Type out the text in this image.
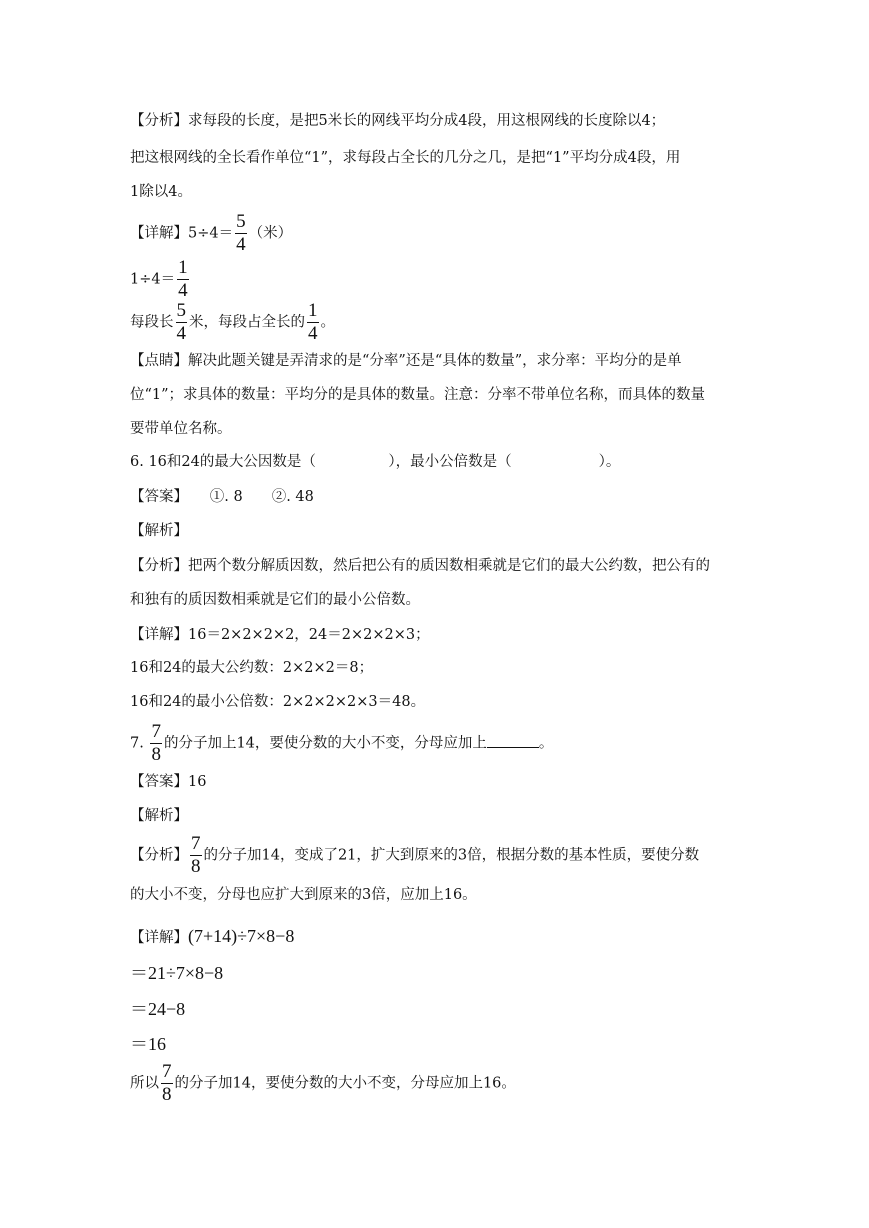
【分析】求每段的长度，是把5米长的网线平均分成4段，用这根网线的长度除以4；
把这根网线的全长看作单位“1”，求每段占全长的几分之几，是把“1”平均分成4段，用
1除以4。
【详解】$5\div 4= \frac{5}{4}$ （米）
$1\div 4= \frac{1}{4}$
每段长 $\frac{5}{4}$ 米，每段占全长的 $\frac{1}{4}$ 。
【点睛】解决此题关键是弄清求的是“分率”还是“具体的数量”，求分率：平均分的是单
位“1”；求具体的数量：平均分的是具体的数量。注意：分率不带单位名称，而具体的数量
要带单位名称。
6. 16和24的最大公因数是（　　　　　），最小公倍数是（　　　　　　）。
【答案】　　①. 8　　②. 48
【解析】
【分析】把两个数分解质因数，然后把公有的质因数相乘就是它们的最大公约数，把公有的
和独有的质因数相乘就是它们的最小公倍数。
【详解】16＝2×2×2×2，24＝2×2×2×3；
16和24的最大公约数：2×2×2＝8；
16和24的最小公倍数：2×2×2×2×3＝48。
7. $\frac{7}{8}$ 的分子加上14，要使分数的大小不变，分母应加上	。
【答案】16
【解析】
【分析】 $\frac{7}{8}$ 的分子加14，变成了21，扩大到原来的3倍，根据分数的基本性质，要使分数
的大小不变，分母也应扩大到原来的3倍，应加上16。
【详解】(7+14)÷7×8−8
＝21÷7×8−8
＝24−8
＝16
所以 $\frac{7}{8}$ 的分子加14，要使分数的大小不变，分母应加上16。
